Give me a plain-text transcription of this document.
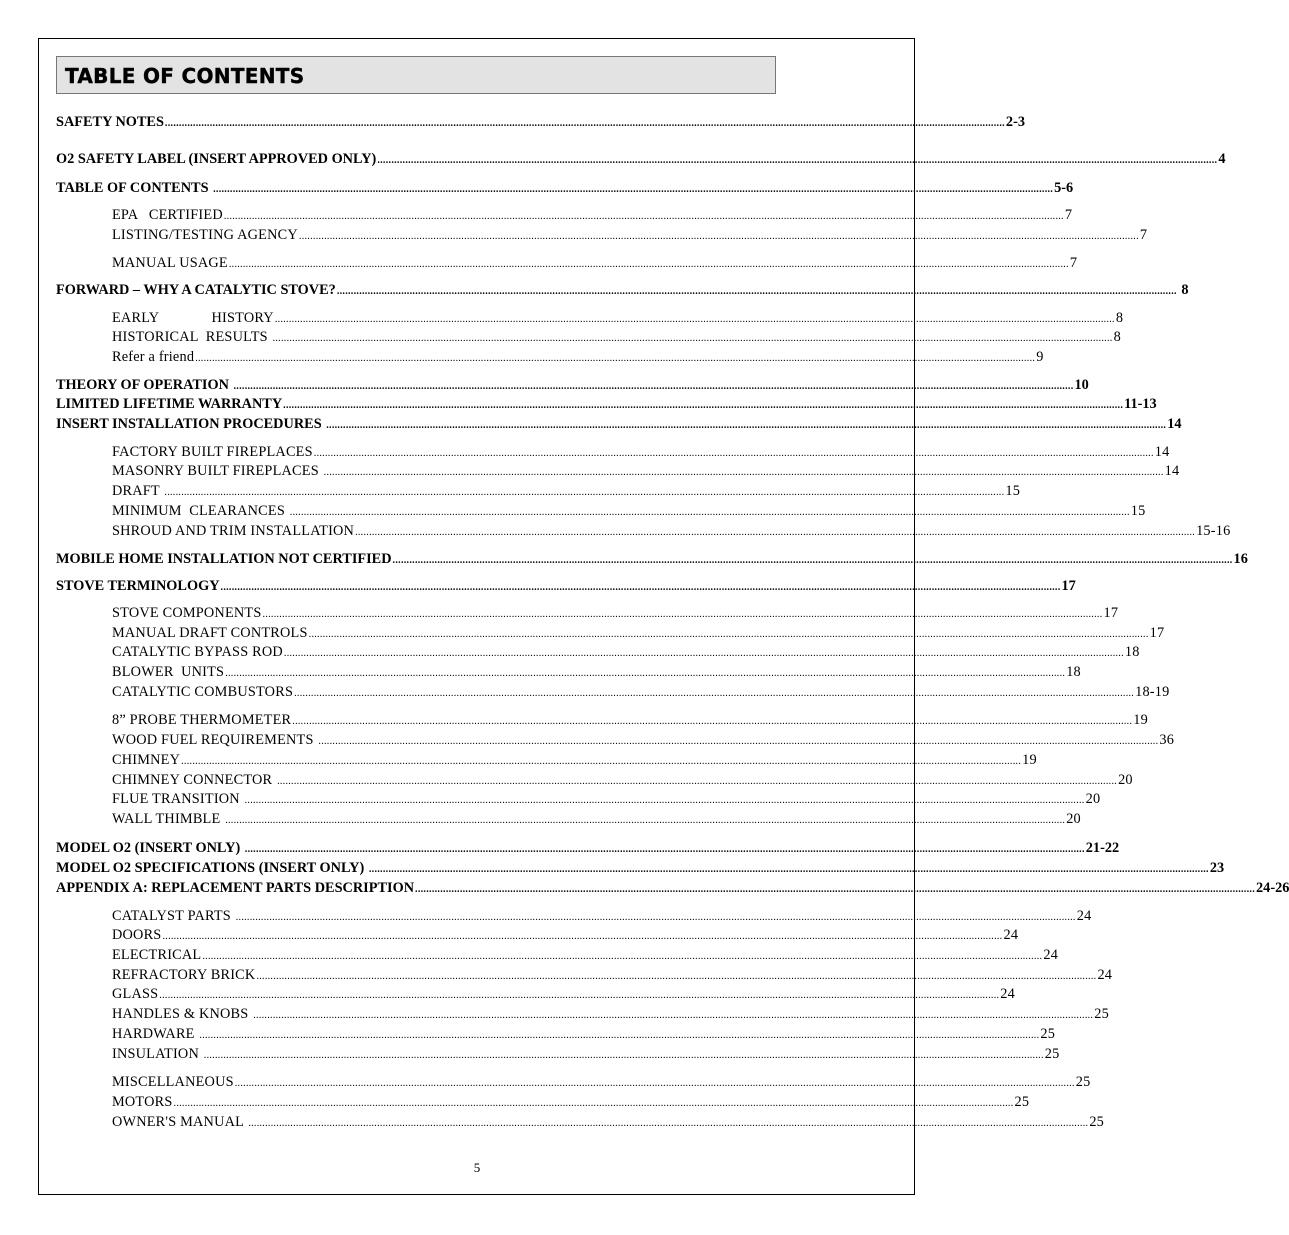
TABLE OF CONTENTS
SAFETY NOTES ............................................................................................................................................................................................................................................................................................................ 2-3
O2 SAFETY LABEL (INSERT APPROVED ONLY) ............................................................................................................................................................................................................................................................................................................ 4
TABLE OF CONTENTS ............................................................................................................................................................................................................................................................................................................ 5-6
EPA   CERTIFIED ............................................................................................................................................................................................................................................................................................................ 7
LISTING/TESTING AGENCY ............................................................................................................................................................................................................................................................................................................ 7
MANUAL USAGE ............................................................................................................................................................................................................................................................................................................ 7
FORWARD – WHY A CATALYTIC STOVE? ............................................................................................................................................................................................................................................................................................................ 8
EARLY              HISTORY ............................................................................................................................................................................................................................................................................................................ 8
HISTORICAL  RESULTS ............................................................................................................................................................................................................................................................................................................ 8
Refer a friend ............................................................................................................................................................................................................................................................................................................ 9
THEORY OF OPERATION ............................................................................................................................................................................................................................................................................................................ 10
LIMITED LIFETIME WARRANTY ............................................................................................................................................................................................................................................................................................................ 11-13
INSERT INSTALLATION PROCEDURES ............................................................................................................................................................................................................................................................................................................ 14
FACTORY BUILT FIREPLACES ............................................................................................................................................................................................................................................................................................................ 14
MASONRY BUILT FIREPLACES ............................................................................................................................................................................................................................................................................................................ 14
DRAFT ............................................................................................................................................................................................................................................................................................................ 15
MINIMUM  CLEARANCES ............................................................................................................................................................................................................................................................................................................ 15
SHROUD AND TRIM INSTALLATION ............................................................................................................................................................................................................................................................................................................ 15-16
MOBILE HOME INSTALLATION NOT CERTIFIED ............................................................................................................................................................................................................................................................................................................ 16
STOVE TERMINOLOGY ............................................................................................................................................................................................................................................................................................................ 17
STOVE COMPONENTS ............................................................................................................................................................................................................................................................................................................ 17
MANUAL DRAFT CONTROLS ............................................................................................................................................................................................................................................................................................................ 17
CATALYTIC BYPASS ROD ............................................................................................................................................................................................................................................................................................................ 18
BLOWER  UNITS ............................................................................................................................................................................................................................................................................................................ 18
CATALYTIC COMBUSTORS ............................................................................................................................................................................................................................................................................................................ 18-19
8” PROBE THERMOMETER ............................................................................................................................................................................................................................................................................................................ 19
WOOD FUEL REQUIREMENTS ............................................................................................................................................................................................................................................................................................................ 36
CHIMNEY ............................................................................................................................................................................................................................................................................................................ 19
CHIMNEY CONNECTOR ............................................................................................................................................................................................................................................................................................................ 20
FLUE TRANSITION ............................................................................................................................................................................................................................................................................................................ 20
WALL THIMBLE ............................................................................................................................................................................................................................................................................................................ 20
MODEL O2 (INSERT ONLY) ............................................................................................................................................................................................................................................................................................................ 21-22
MODEL O2 SPECIFICATIONS (INSERT ONLY) ............................................................................................................................................................................................................................................................................................................ 23
APPENDIX A: REPLACEMENT PARTS DESCRIPTION ............................................................................................................................................................................................................................................................................................................ 24-26
CATALYST PARTS ............................................................................................................................................................................................................................................................................................................ 24
DOORS ............................................................................................................................................................................................................................................................................................................ 24
ELECTRICAL ............................................................................................................................................................................................................................................................................................................ 24
REFRACTORY BRICK ............................................................................................................................................................................................................................................................................................................ 24
GLASS ............................................................................................................................................................................................................................................................................................................ 24
HANDLES & KNOBS ............................................................................................................................................................................................................................................................................................................ 25
HARDWARE ............................................................................................................................................................................................................................................................................................................ 25
INSULATION ............................................................................................................................................................................................................................................................................................................ 25
MISCELLANEOUS ............................................................................................................................................................................................................................................................................................................ 25
MOTORS ............................................................................................................................................................................................................................................................................................................ 25
OWNER'S MANUAL ............................................................................................................................................................................................................................................................................................................ 25
5
